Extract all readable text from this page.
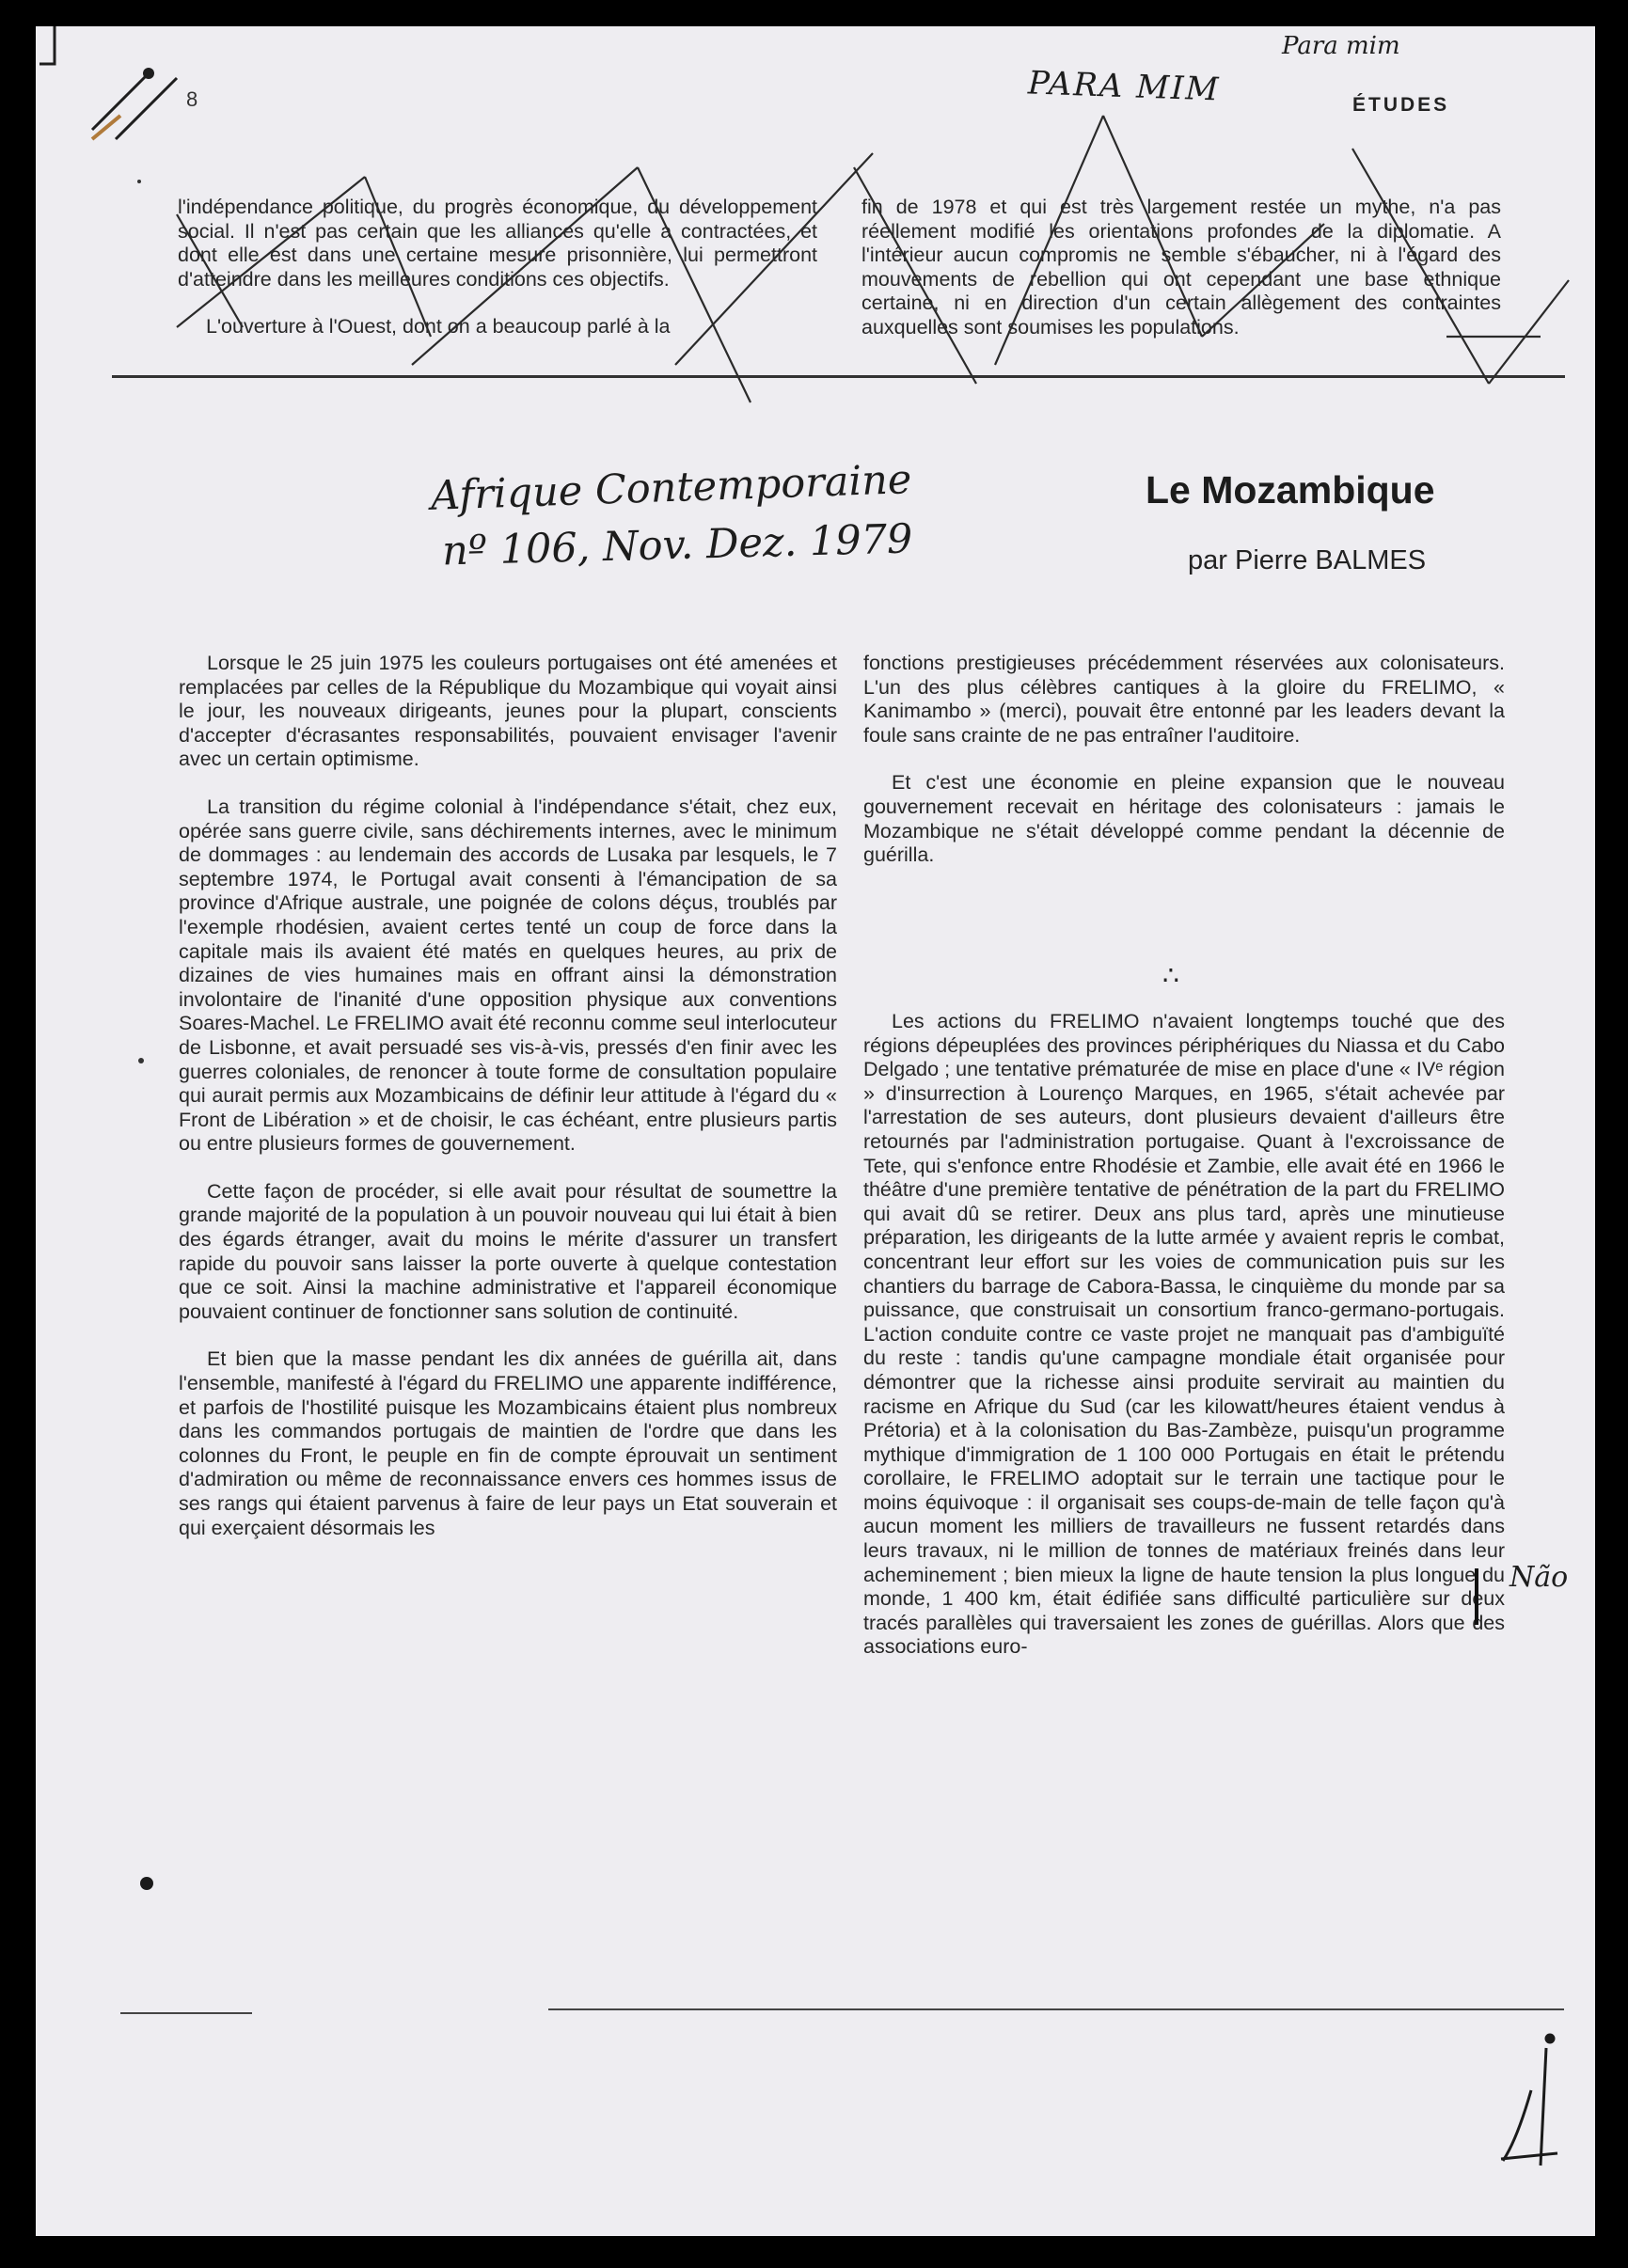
8	ÉTUDES
Para mim
PARA MIM

l'indépendance politique, du progrès économique, du développement social. Il n'est pas certain que les alliances qu'elle a contractées, et dont elle est dans une certaine mesure prisonnière, lui permettront d'atteindre dans les meilleures conditions ces objectifs.

L'ouverture à l'Ouest, dont on a beaucoup parlé à la

fin de 1978 et qui est très largement restée un mythe, n'a pas réellement modifié les orientations profondes de la diplomatie. A l'intérieur aucun compromis ne semble s'ébaucher, ni à l'égard des mouvements de rebellion qui ont cependant une base ethnique certaine, ni en direction d'un certain allègement des contraintes auxquelles sont soumises les populations.

Afrique Contemporaine
nº 106, Nov. Dez. 1979
Le Mozambique
par Pierre BALMES

Lorsque le 25 juin 1975 les couleurs portugaises ont été amenées et remplacées par celles de la République du Mozambique qui voyait ainsi le jour, les nouveaux dirigeants, jeunes pour la plupart, conscients d'accepter d'écrasantes responsabilités, pouvaient envisager l'avenir avec un certain optimisme.

La transition du régime colonial à l'indépendance s'était, chez eux, opérée sans guerre civile, sans déchirements internes, avec le minimum de dommages : au lendemain des accords de Lusaka par lesquels, le 7 septembre 1974, le Portugal avait consenti à l'émancipation de sa province d'Afrique australe, une poignée de colons déçus, troublés par l'exemple rhodésien, avaient certes tenté un coup de force dans la capitale mais ils avaient été matés en quelques heures, au prix de dizaines de vies humaines mais en offrant ainsi la démonstration involontaire de l'inanité d'une opposition physique aux conventions Soares-Machel. Le FRELIMO avait été reconnu comme seul interlocuteur de Lisbonne, et avait persuadé ses vis-à-vis, pressés d'en finir avec les guerres coloniales, de renoncer à toute forme de consultation populaire qui aurait permis aux Mozambicains de définir leur attitude à l'égard du « Front de Libération » et de choisir, le cas échéant, entre plusieurs partis ou entre plusieurs formes de gouvernement.

Cette façon de procéder, si elle avait pour résultat de soumettre la grande majorité de la population à un pouvoir nouveau qui lui était à bien des égards étranger, avait du moins le mérite d'assurer un transfert rapide du pouvoir sans laisser la porte ouverte à quelque contestation que ce soit. Ainsi la machine administrative et l'appareil économique pouvaient continuer de fonctionner sans solution de continuité.

Et bien que la masse pendant les dix années de guérilla ait, dans l'ensemble, manifesté à l'égard du FRELIMO une apparente indifférence, et parfois de l'hostilité puisque les Mozambicains étaient plus nombreux dans les commandos portugais de maintien de l'ordre que dans les colonnes du Front, le peuple en fin de compte éprouvait un sentiment d'admiration ou même de reconnaissance envers ces hommes issus de ses rangs qui étaient parvenus à faire de leur pays un Etat souverain et qui exerçaient désormais les

fonctions prestigieuses précédemment réservées aux colonisateurs. L'un des plus célèbres cantiques à la gloire du FRELIMO, « Kanimambo » (merci), pouvait être entonné par les leaders devant la foule sans crainte de ne pas entraîner l'auditoire.

Et c'est une économie en pleine expansion que le nouveau gouvernement recevait en héritage des colonisateurs : jamais le Mozambique ne s'était développé comme pendant la décennie de guérilla.

∴

Les actions du FRELIMO n'avaient longtemps touché que des régions dépeuplées des provinces périphériques du Niassa et du Cabo Delgado ; une tentative prématurée de mise en place d'une « IVᵉ région » d'insurrection à Lourenço Marques, en 1965, s'était achevée par l'arrestation de ses auteurs, dont plusieurs devaient d'ailleurs être retournés par l'administration portugaise. Quant à l'excroissance de Tete, qui s'enfonce entre Rhodésie et Zambie, elle avait été en 1966 le théâtre d'une première tentative de pénétration de la part du FRELIMO qui avait dû se retirer. Deux ans plus tard, après une minutieuse préparation, les dirigeants de la lutte armée y avaient repris le combat, concentrant leur effort sur les voies de communication puis sur les chantiers du barrage de Cabora-Bassa, le cinquième du monde par sa puissance, que construisait un consortium franco-germano-portugais. L'action conduite contre ce vaste projet ne manquait pas d'ambiguïté du reste : tandis qu'une campagne mondiale était organisée pour démontrer que la richesse ainsi produite servirait au maintien du racisme en Afrique du Sud (car les kilowatt/heures étaient vendus à Prétoria) et à la colonisation du Bas-Zambèze, puisqu'un programme mythique d'immigration de 1 100 000 Portugais en était le prétendu corollaire, le FRELIMO adoptait sur le terrain une tactique pour le moins équivoque : il organisait ses coups-de-main de telle façon qu'à aucun moment les milliers de travailleurs ne fussent retardés dans leurs travaux, ni le million de tonnes de matériaux freinés dans leur acheminement ; bien mieux la ligne de haute tension la plus longue du monde, 1 400 km, était édifiée sans difficulté particulière sur deux tracés parallèles qui traversaient les zones de guérillas. Alors que des associations euro-

Não
